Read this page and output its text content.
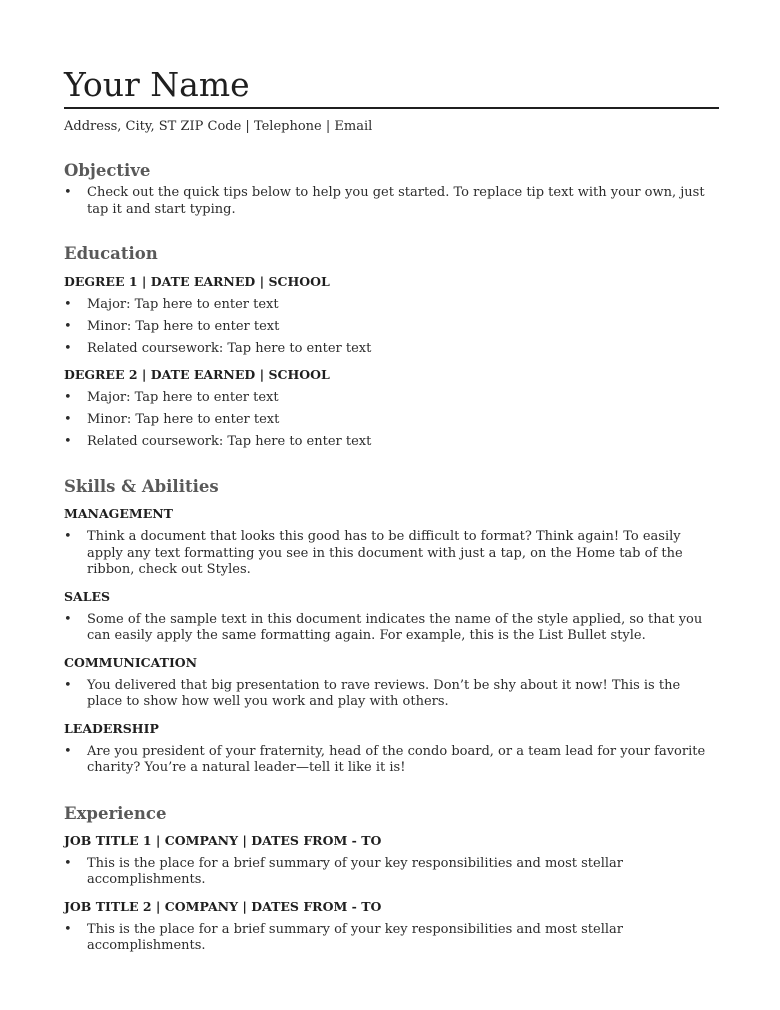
Your Name
Address, City, ST ZIP Code | Telephone | Email
Objective
• Check out the quick tips below to help you get started. To replace tip text with your own, just tap it and start typing.
Education
DEGREE 1 | DATE EARNED | SCHOOL
• Major: Tap here to enter text
• Minor: Tap here to enter text
• Related coursework: Tap here to enter text
DEGREE 2 | DATE EARNED | SCHOOL
• Major: Tap here to enter text
• Minor: Tap here to enter text
• Related coursework: Tap here to enter text
Skills & Abilities
MANAGEMENT
• Think a document that looks this good has to be difficult to format? Think again! To easily apply any text formatting you see in this document with just a tap, on the Home tab of the ribbon, check out Styles.
SALES
• Some of the sample text in this document indicates the name of the style applied, so that you can easily apply the same formatting again. For example, this is the List Bullet style.
COMMUNICATION
• You delivered that big presentation to rave reviews. Don’t be shy about it now! This is the place to show how well you work and play with others.
LEADERSHIP
• Are you president of your fraternity, head of the condo board, or a team lead for your favorite charity? You’re a natural leader—tell it like it is!
Experience
JOB TITLE 1 | COMPANY | DATES FROM - TO
• This is the place for a brief summary of your key responsibilities and most stellar accomplishments.
JOB TITLE 2 | COMPANY | DATES FROM - TO
• This is the place for a brief summary of your key responsibilities and most stellar accomplishments.
